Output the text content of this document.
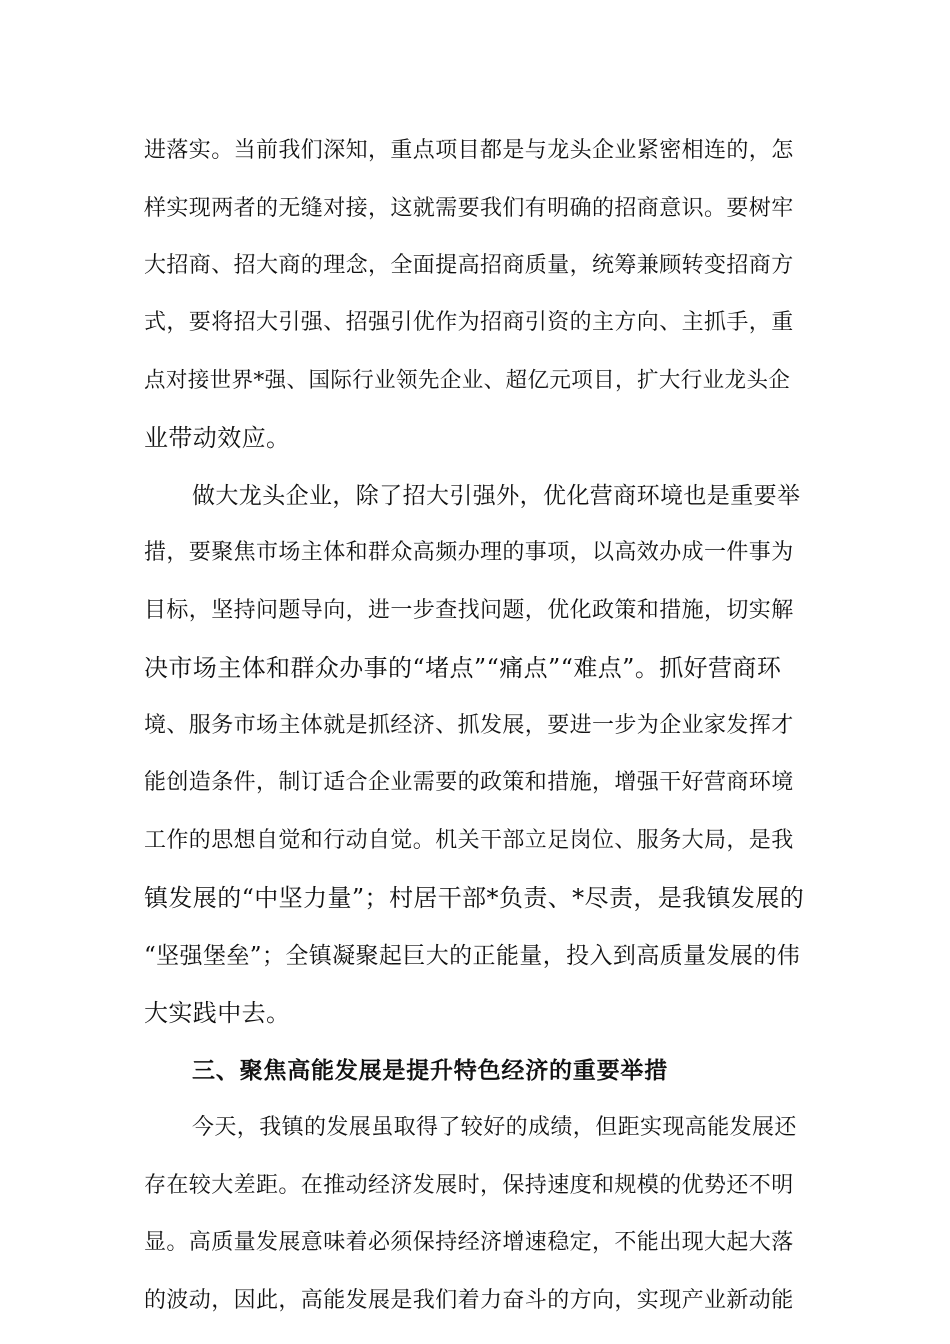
进落实。当前我们深知，重点项目都是与龙头企业紧密相连的，怎
样实现两者的无缝对接，这就需要我们有明确的招商意识。要树牢
大招商、招大商的理念，全面提高招商质量，统筹兼顾转变招商方
式，要将招大引强、招强引优作为招商引资的主方向、主抓手，重
点对接世界*强、国际行业领先企业、超亿元项目，扩大行业龙头企
业带动效应。
做大龙头企业，除了招大引强外，优化营商环境也是重要举
措，要聚焦市场主体和群众高频办理的事项，以高效办成一件事为
目标，坚持问题导向，进一步查找问题，优化政策和措施，切实解
决市场主体和群众办事的“堵点”“痛点”“难点”。抓好营商环
境、服务市场主体就是抓经济、抓发展，要进一步为企业家发挥才
能创造条件，制订适合企业需要的政策和措施，增强干好营商环境
工作的思想自觉和行动自觉。机关干部立足岗位、服务大局，是我
镇发展的“中坚力量”；村居干部*负责、*尽责，是我镇发展的
“坚强堡垒”；全镇凝聚起巨大的正能量，投入到高质量发展的伟
大实践中去。
三、聚焦高能发展是提升特色经济的重要举措
今天，我镇的发展虽取得了较好的成绩，但距实现高能发展还
存在较大差距。在推动经济发展时，保持速度和规模的优势还不明
显。高质量发展意味着必须保持经济增速稳定，不能出现大起大落
的波动，因此，高能发展是我们着力奋斗的方向，实现产业新动能
